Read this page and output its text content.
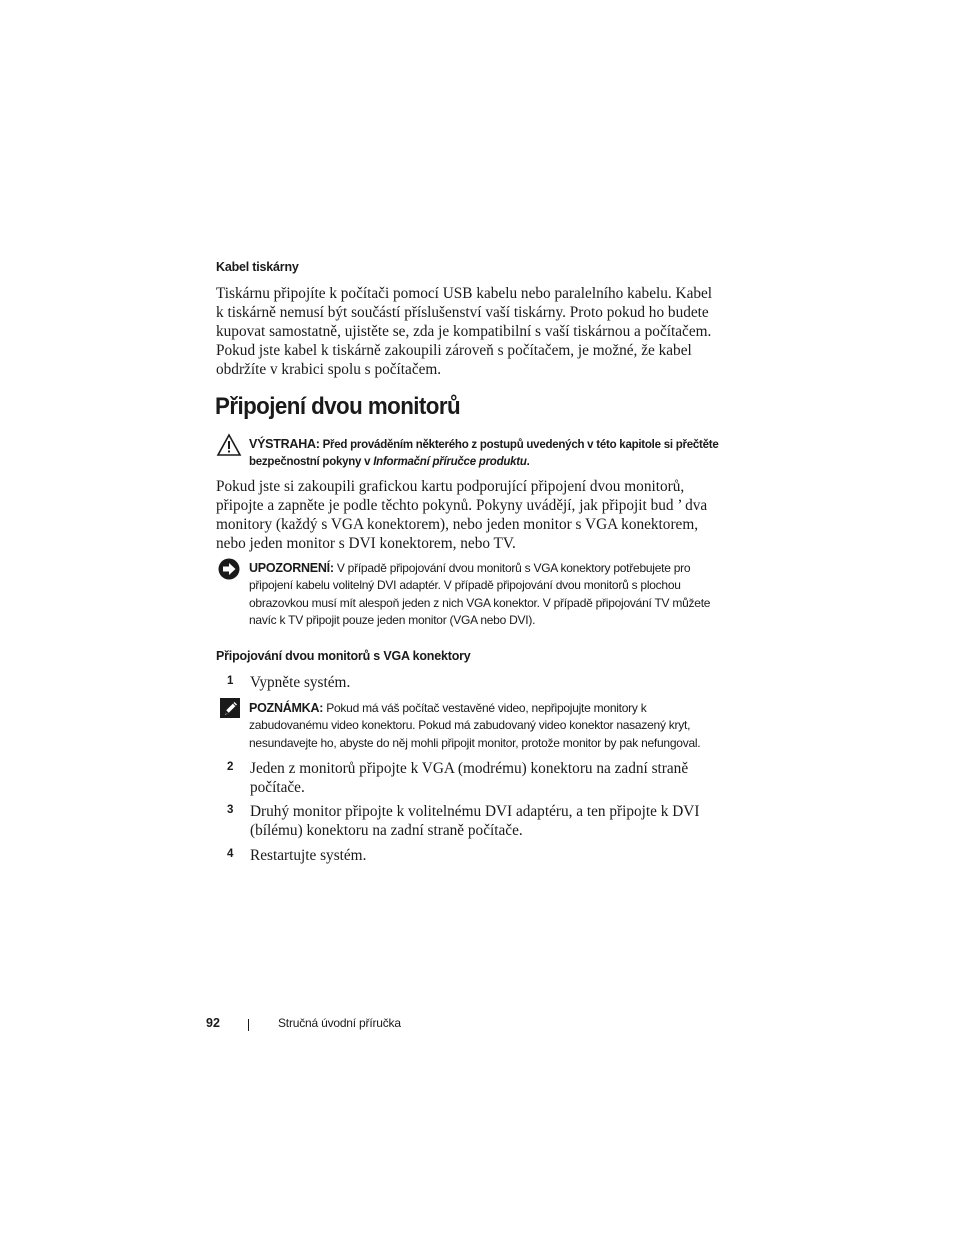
Kabel tiskárny
Tiskárnu připojíte k počítači pomocí USB kabelu nebo paralelního kabelu. Kabel k tiskárně nemusí být součástí příslušenství vaší tiskárny. Proto pokud ho budete kupovat samostatně, ujistěte se, zda je kompatibilní s vaší tiskárnou a počítačem. Pokud jste kabel k tiskárně zakoupili zároveň s počítačem, je možné, že kabel obdržíte v krabici spolu s počítačem.
Připojení dvou monitorů
VÝSTRAHA: Před prováděním některého z postupů uvedených v této kapitole si přečtěte bezpečnostní pokyny v Informační příručce produktu.
Pokud jste si zakoupili grafickou kartu podporující připojení dvou monitorů, připojte a zapněte je podle těchto pokynů. Pokyny uvádějí, jak připojit bud ’ dva monitory (každý s VGA konektorem), nebo jeden monitor s VGA konektorem, nebo jeden monitor s DVI konektorem, nebo TV.
UPOZORNENÍ: V případě připojování dvou monitorů s VGA konektory potřebujete pro připojení kabelu volitelný DVI adaptér. V případě připojování dvou monitorů s plochou obrazovkou musí mít alespoň jeden z nich VGA konektor. V případě připojování TV můžete navíc k TV připojit pouze jeden monitor (VGA nebo DVI).
Připojování dvou monitorů s VGA konektory
1 Vypněte systém.
POZNÁMKA: Pokud má váš počítač vestavěné video, nepřipojujte monitory k zabudovanému video konektoru. Pokud má zabudovaný video konektor nasazený kryt, nesundavejte ho, abyste do něj mohli připojit monitor, protože monitor by pak nefungoval.
2 Jeden z monitorů připojte k VGA (modrému) konektoru na zadní straně počítače.
3 Druhý monitor připojte k volitelnému DVI adaptéru, a ten připojte k DVI (bílému) konektoru na zadní straně počítače.
4 Restartujte systém.
92	Stručná úvodní příručka
